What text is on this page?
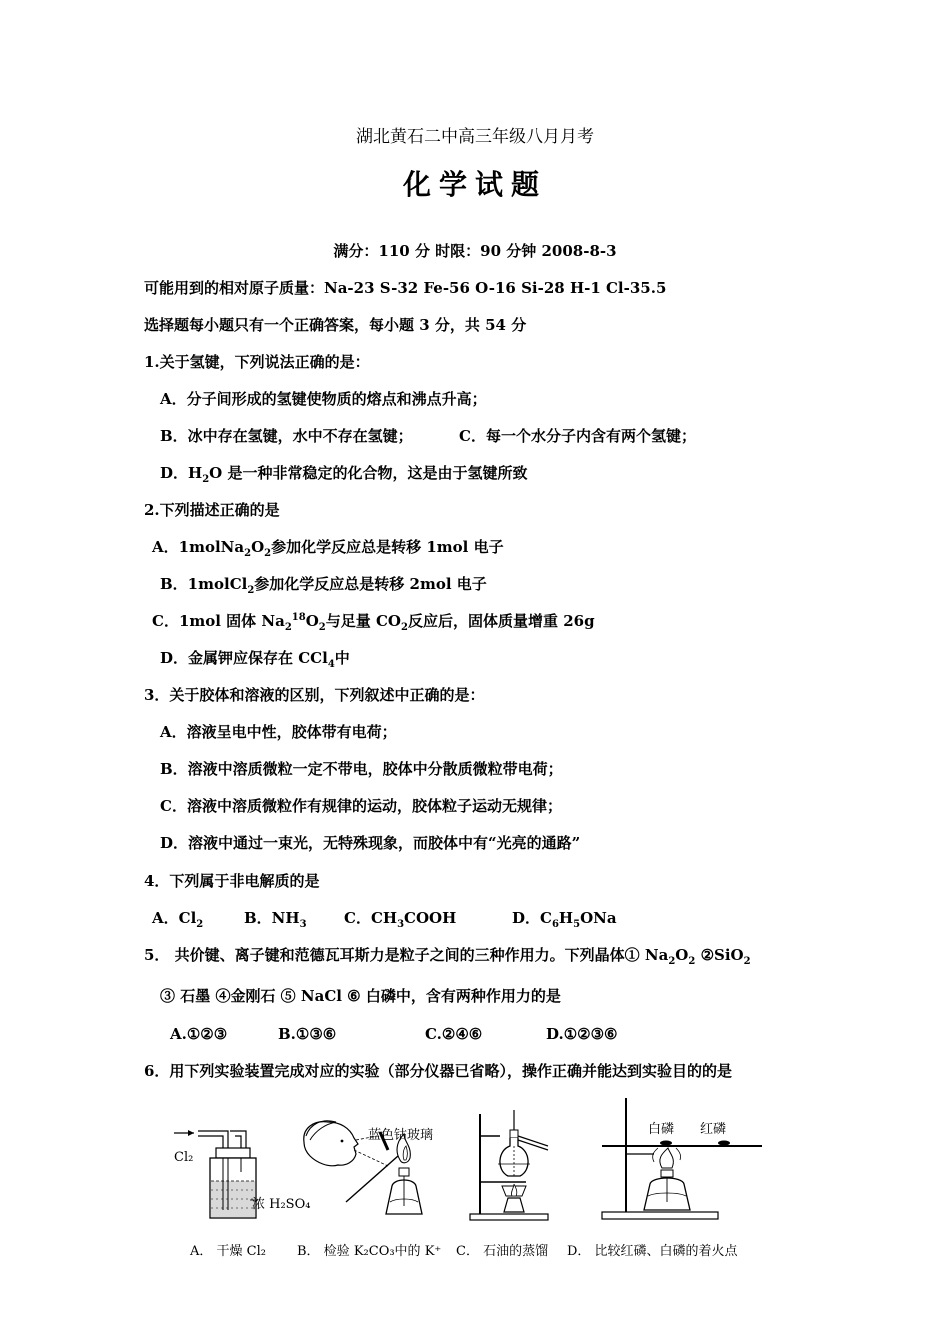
湖北黄石二中高三年级八月月考
化学试题
满分：110 分 时限：90 分钟 2008-8-3
可能用到的相对原子质量：Na-23 S-32 Fe-56 O-16 Si-28 H-1 Cl-35.5
选择题每小题只有一个正确答案，每小题 3 分，共 54 分
1.关于氢键，下列说法正确的是：
A．分子间形成的氢键使物质的熔点和沸点升高；
B．冰中存在氢键，水中不存在氢键；	C．每一个水分子内含有两个氢键；
D．$H_2O$ 是一种非常稳定的化合物，这是由于氢键所致
2.下列描述正确的是
A．$1molNa_2O_2$参加化学反应总是转移 1mol 电子
B．1molCl$_2$参加化学反应总是转移 2mol 电子
C．1mol 固体 $Na_2^{18}O_2$与足量 $CO_2$反应后，固体质量增重 26g
D．金属钾应保存在 CCl$_4$中
3．关于胶体和溶液的区别，下列叙述中正确的是：
A．溶液呈电中性，胶体带有电荷；
B．溶液中溶质微粒一定不带电，胶体中分散质微粒带电荷；
C．溶液中溶质微粒作有规律的运动，胶体粒子运动无规律；
D．溶液中通过一束光，无特殊现象，而胶体中有“光亮的通路”
4．下列属于非电解质的是
A．$Cl_2$	B．$NH_3$ C．$CH_3COOH$	D．$C_6H_5ONa$
5． 共价键、离子键和范德瓦耳斯力是粒子之间的三种作用力。下列晶体① $Na_2O_2$ ②SiO$_2$
③ 石墨 ④金刚石 ⑤ NaCl ⑥ 白磷中，含有两种作用力的是
A.①②③	B.①③⑥	C.②④⑥	D.①②③⑥
6．用下列实验装置完成对应的实验（部分仪器已省略），操作正确并能达到实验目的的是
Cl₂
浓 H₂SO₄
蓝色钴玻璃	白磷 红磷
A． 干燥 Cl₂ B． 检验 K₂CO₃中的 K⁺ C． 石油的蒸馏 D． 比较红磷、白磷的着火点
